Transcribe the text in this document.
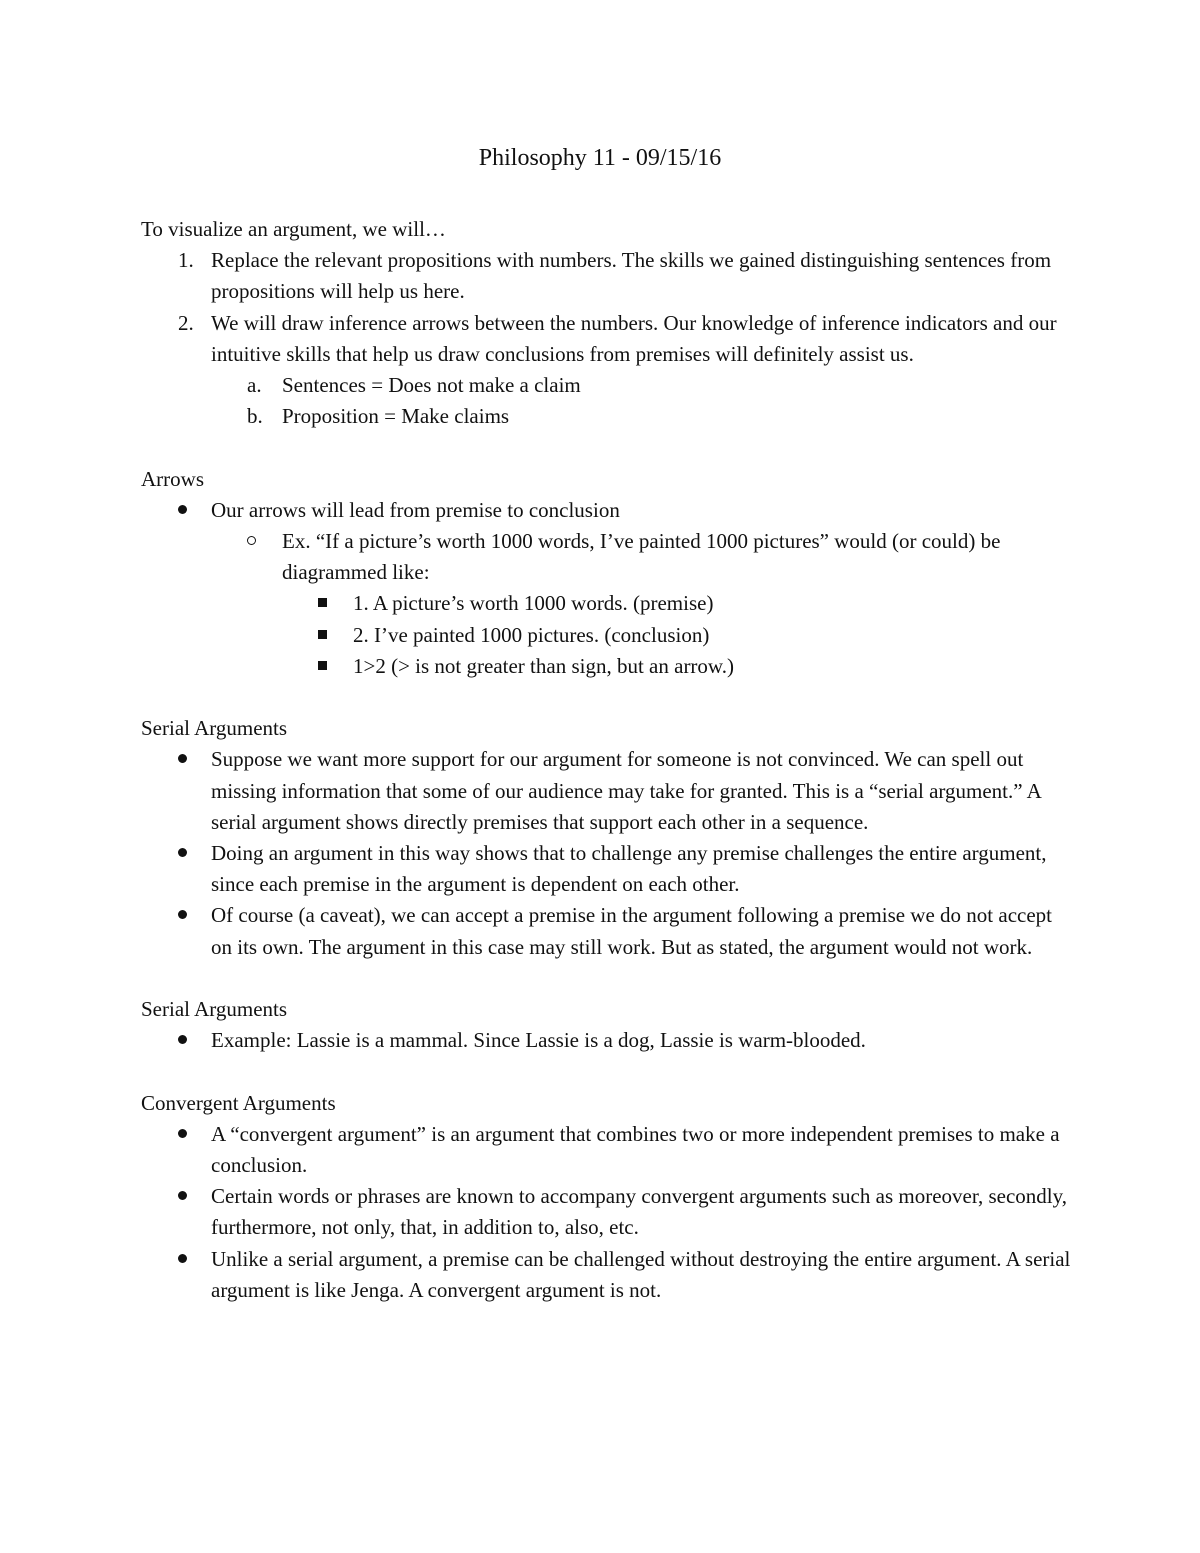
Philosophy 11 - 09/15/16

To visualize an argument, we will…

1. Replace the relevant propositions with numbers. The skills we gained distinguishing sentences from propositions will help us here.
2. We will draw inference arrows between the numbers. Our knowledge of inference indicators and our intuitive skills that help us draw conclusions from premises will definitely assist us.
a. Sentences = Does not make a claim
b. Proposition = Make claims

Arrows

Our arrows will lead from premise to conclusion
Ex. “If a picture’s worth 1000 words, I’ve painted 1000 pictures” would (or could) be diagrammed like:
1. A picture’s worth 1000 words. (premise)
2. I’ve painted 1000 pictures. (conclusion)
1>2 (> is not greater than sign, but an arrow.)

Serial Arguments

Suppose we want more support for our argument for someone is not convinced. We can spell out missing information that some of our audience may take for granted. This is a “serial argument.” A serial argument shows directly premises that support each other in a sequence.
Doing an argument in this way shows that to challenge any premise challenges the entire argument, since each premise in the argument is dependent on each other.
Of course (a caveat), we can accept a premise in the argument following a premise we do not accept on its own. The argument in this case may still work. But as stated, the argument would not work.

Serial Arguments

Example: Lassie is a mammal. Since Lassie is a dog, Lassie is warm-blooded.

Convergent Arguments

A “convergent argument” is an argument that combines two or more independent premises to make a conclusion.
Certain words or phrases are known to accompany convergent arguments such as moreover, secondly, furthermore, not only, that, in addition to, also, etc.
Unlike a serial argument, a premise can be challenged without destroying the entire argument. A serial argument is like Jenga. A convergent argument is not.
